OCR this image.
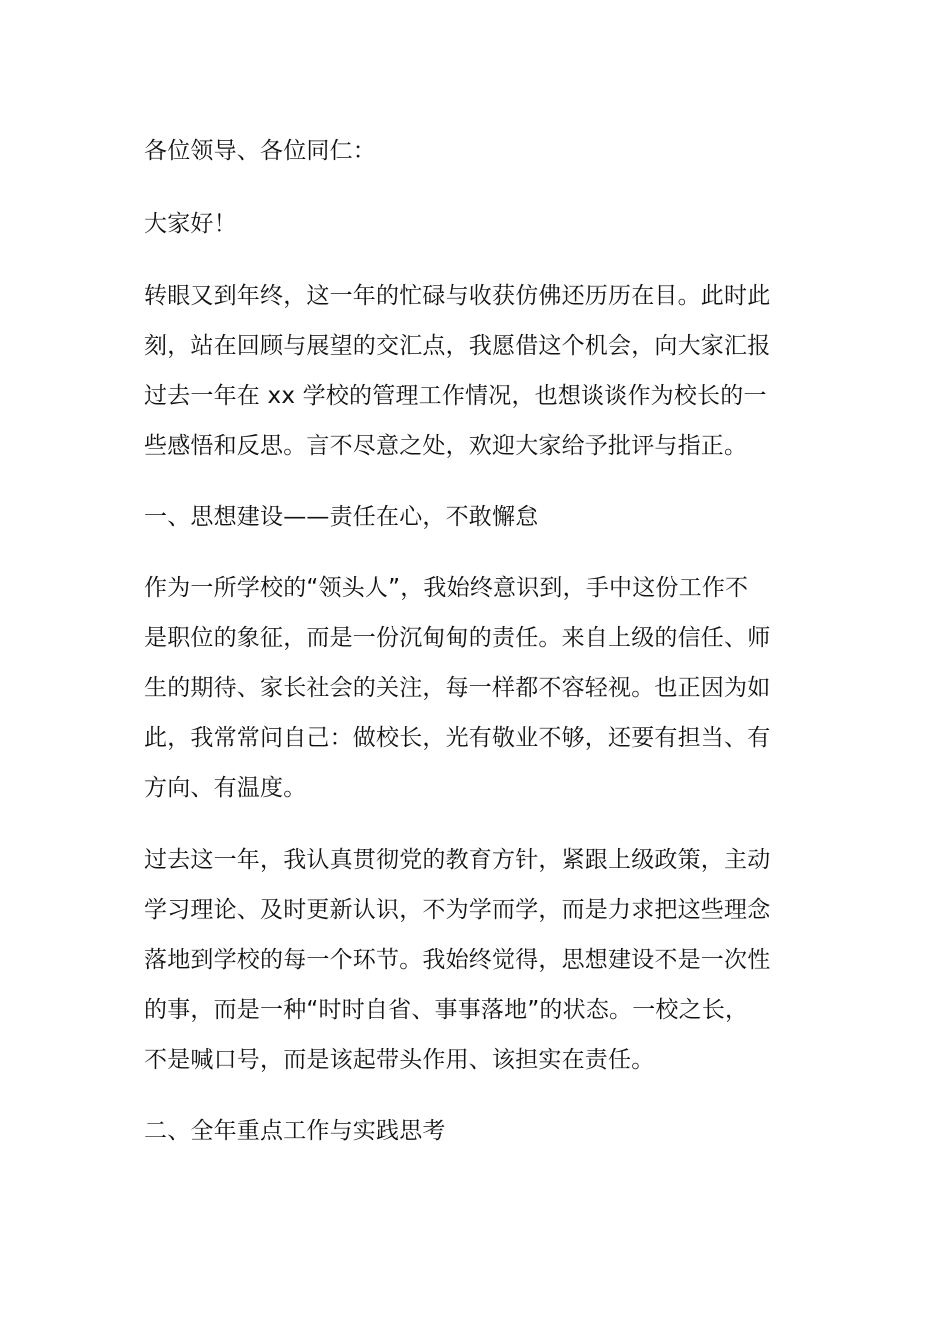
各位领导、各位同仁：

大家好！

转眼又到年终，这一年的忙碌与收获仿佛还历历在目。此时此
刻，站在回顾与展望的交汇点，我愿借这个机会，向大家汇报
过去一年在 xx 学校的管理工作情况，也想谈谈作为校长的一
些感悟和反思。言不尽意之处，欢迎大家给予批评与指正。

一、思想建设——责任在心，不敢懈怠

作为一所学校的“领头人”，我始终意识到，手中这份工作不
是职位的象征，而是一份沉甸甸的责任。来自上级的信任、师
生的期待、家长社会的关注，每一样都不容轻视。也正因为如
此，我常常问自己：做校长，光有敬业不够，还要有担当、有
方向、有温度。

过去这一年，我认真贯彻党的教育方针，紧跟上级政策，主动
学习理论、及时更新认识，不为学而学，而是力求把这些理念
落地到学校的每一个环节。我始终觉得，思想建设不是一次性
的事，而是一种“时时自省、事事落地”的状态。一校之长，
不是喊口号，而是该起带头作用、该担实在责任。

二、全年重点工作与实践思考
